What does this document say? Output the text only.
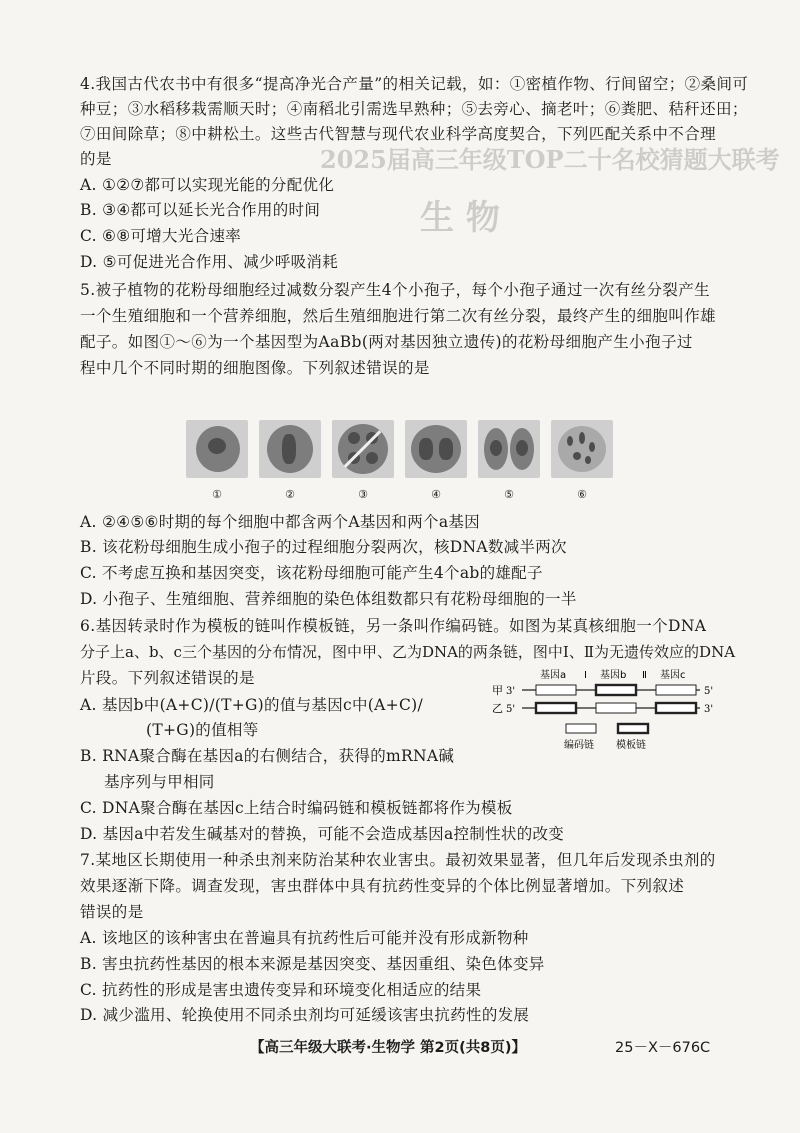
2025届高三年级TOP二十名校猜题大联考
生 物
4.我国古代农书中有很多“提高净光合产量”的相关记载，如：①密植作物、行间留空；②桑间可
种豆；③水稻移栽需顺天时；④南稻北引需选早熟种；⑤去旁心、摘老叶；⑥粪肥、秸秆还田；
⑦田间除草；⑧中耕松土。这些古代智慧与现代农业科学高度契合，下列匹配关系中不合理
的是
A. ①②⑦都可以实现光能的分配优化
B. ③④都可以延长光合作用的时间
C. ⑥⑧可增大光合速率
D. ⑤可促进光合作用、减少呼吸消耗
5.被子植物的花粉母细胞经过减数分裂产生4个小孢子，每个小孢子通过一次有丝分裂产生
一个生殖细胞和一个营养细胞，然后生殖细胞进行第二次有丝分裂，最终产生的细胞叫作雄
配子。如图①～⑥为一个基因型为AaBb(两对基因独立遗传)的花粉母细胞产生小孢子过
程中几个不同时期的细胞图像。下列叙述错误的是
①	②	③	④	⑤	⑥
A. ②④⑤⑥时期的每个细胞中都含两个A基因和两个a基因
B. 该花粉母细胞生成小孢子的过程细胞分裂两次，核DNA数减半两次
C. 不考虑互换和基因突变，该花粉母细胞可能产生4个ab的雄配子
D. 小孢子、生殖细胞、营养细胞的染色体组数都只有花粉母细胞的一半
6.基因转录时作为模板的链叫作模板链，另一条叫作编码链。如图为某真核细胞一个DNA
分子上a、b、c三个基因的分布情况，图中甲、乙为DNA的两条链，图中Ⅰ、Ⅱ为无遗传效应的DNA
片段。下列叙述错误的是
A. 基因b中(A+C)/(T+G)的值与基因c中(A+C)/
(T+G)的值相等
B. RNA聚合酶在基因a的右侧结合，获得的mRNA碱
基序列与甲相同
C. DNA聚合酶在基因c上结合时编码链和模板链都将作为模板
D. 基因a中若发生碱基对的替换，可能不会造成基因a控制性状的改变
基因a Ⅰ 基因b Ⅱ 基因c
甲 3'	5'
乙 5'	3'
编码链 模板链
7.某地区长期使用一种杀虫剂来防治某种农业害虫。最初效果显著，但几年后发现杀虫剂的
效果逐渐下降。调查发现，害虫群体中具有抗药性变异的个体比例显著增加。下列叙述
错误的是
A. 该地区的该种害虫在普遍具有抗药性后可能并没有形成新物种
B. 害虫抗药性基因的根本来源是基因突变、基因重组、染色体变异
C. 抗药性的形成是害虫遗传变异和环境变化相适应的结果
D. 减少滥用、轮换使用不同杀虫剂均可延缓该害虫抗药性的发展
【高三年级大联考·生物学 第2页(共8页)】	25－X－676C
